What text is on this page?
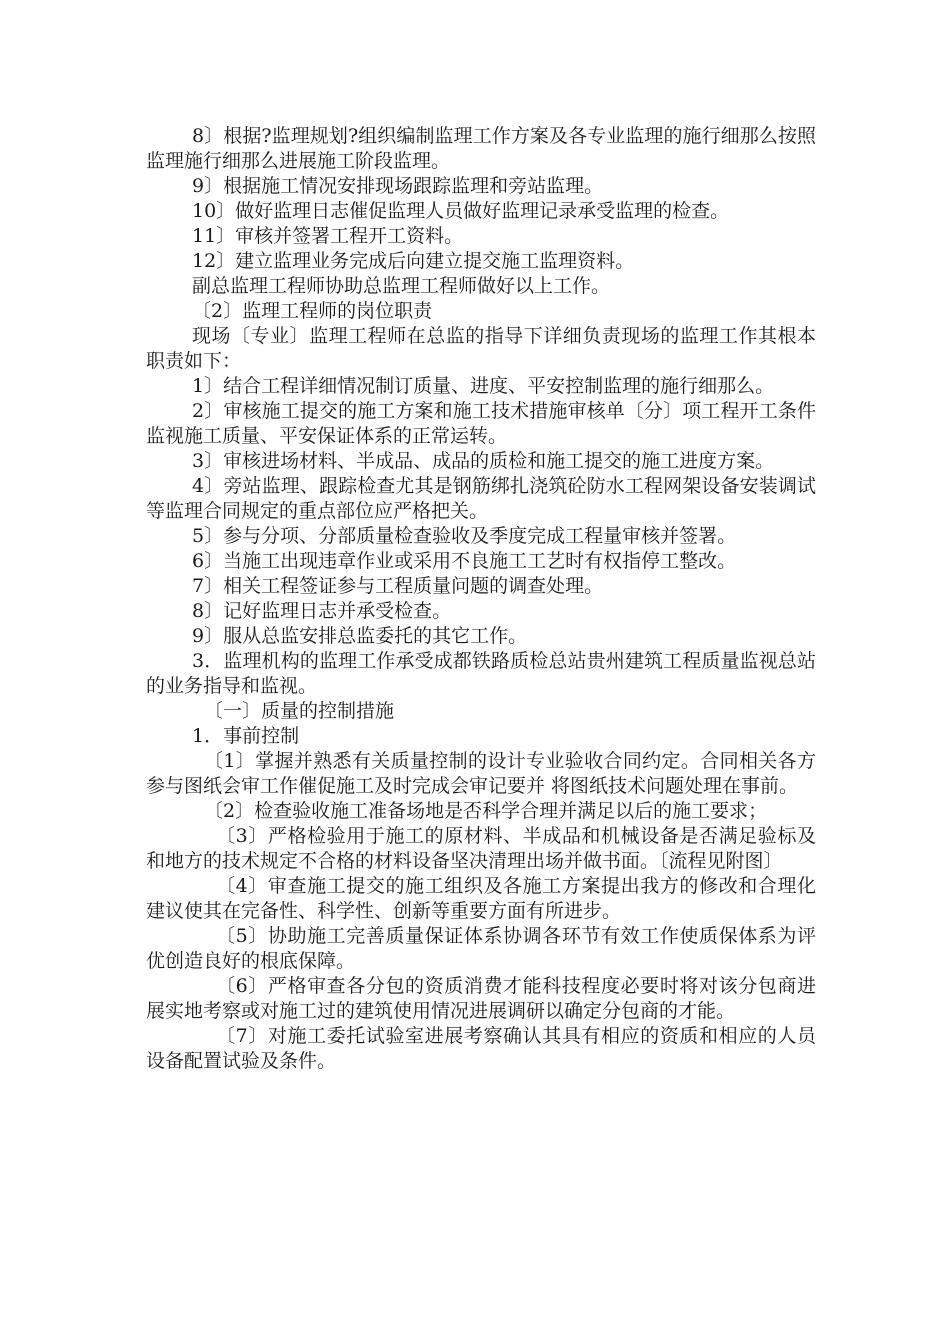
8〕根据?监理规划?组织编制监理工作方案及各专业监理的施行细那么按照监理施行细那么进展施工阶段监理。

9〕根据施工情况安排现场跟踪监理和旁站监理。

10〕做好监理日志催促监理人员做好监理记录承受监理的检查。

11〕审核并签署工程开工资料。

12〕建立监理业务完成后向建立提交施工监理资料。

副总监理工程师协助总监理工程师做好以上工作。

〔2〕监理工程师的岗位职责

现场〔专业〕监理工程师在总监的指导下详细负责现场的监理工作其根本职责如下：

1〕结合工程详细情况制订质量、进度、平安控制监理的施行细那么。

2〕审核施工提交的施工方案和施工技术措施审核单〔分〕项工程开工条件监视施工质量、平安保证体系的正常运转。

3〕审核进场材料、半成品、成品的质检和施工提交的施工进度方案。

4〕旁站监理、跟踪检查尤其是钢筋绑扎浇筑砼防水工程网架设备安装调试等监理合同规定的重点部位应严格把关。

5〕参与分项、分部质量检查验收及季度完成工程量审核并签署。

6〕当施工出现违章作业或采用不良施工工艺时有权指停工整改。

7〕相关工程签证参与工程质量问题的调查处理。

8〕记好监理日志并承受检查。

9〕服从总监安排总监委托的其它工作。

3．监理机构的监理工作承受成都铁路质检总站贵州建筑工程质量监视总站的业务指导和监视。

〔一〕质量的控制措施

1．事前控制

〔1〕掌握并熟悉有关质量控制的设计专业验收合同约定。合同相关各方参与图纸会审工作催促施工及时完成会审记要并 将图纸技术问题处理在事前。

〔2〕检查验收施工准备场地是否科学合理并满足以后的施工要求；

〔3〕严格检验用于施工的原材料、半成品和机械设备是否满足验标及和地方的技术规定不合格的材料设备坚决清理出场并做书面。〔流程见附图〕

〔4〕审查施工提交的施工组织及各施工方案提出我方的修改和合理化建议使其在完备性、科学性、创新等重要方面有所进步。

〔5〕协助施工完善质量保证体系协调各环节有效工作使质保体系为评优创造良好的根底保障。

〔6〕严格审查各分包的资质消费才能科技程度必要时将对该分包商进展实地考察或对施工过的建筑使用情况进展调研以确定分包商的才能。

〔7〕对施工委托试验室进展考察确认其具有相应的资质和相应的人员设备配置试验及条件。
